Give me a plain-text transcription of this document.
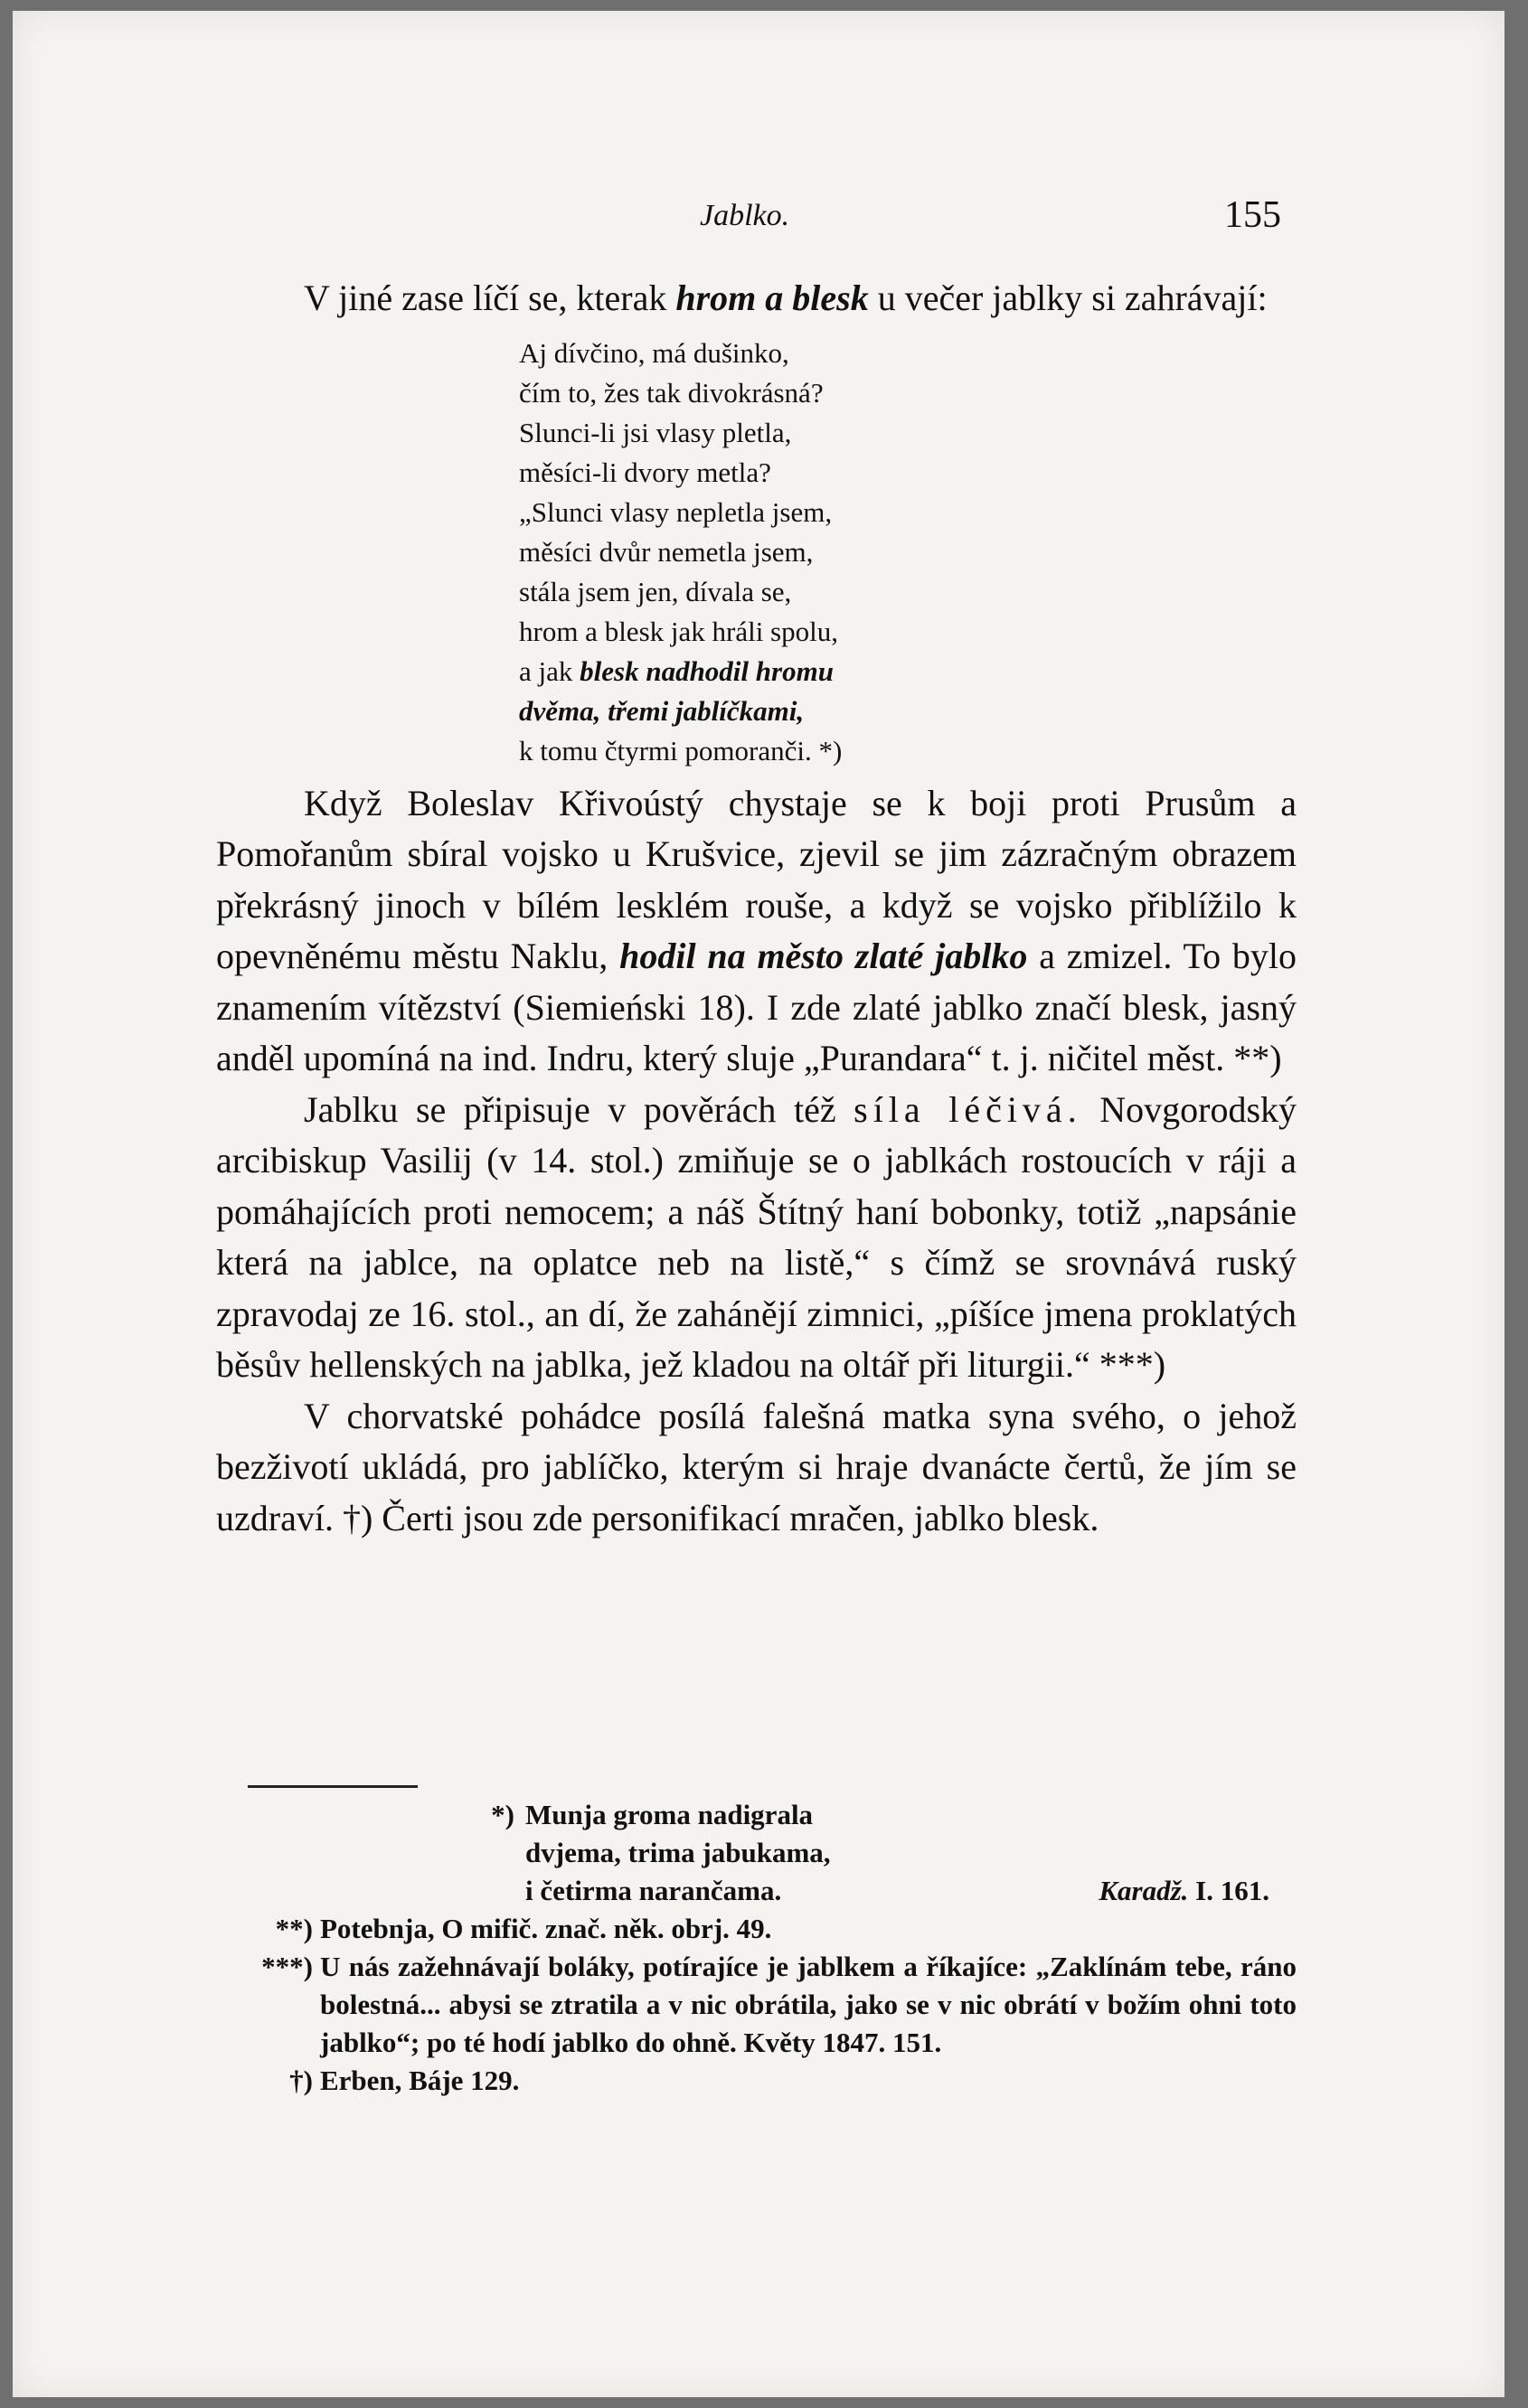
Jablko.	155

V jiné zase líčí se, kterak hrom a blesk u večer jablky si zahrávají:

Aj dívčino, má dušinko,
čím to, žes tak divokrásná?
Slunci-li jsi vlasy pletla,
měsíci-li dvory metla?
„Slunci vlasy nepletla jsem,
měsíci dvůr nemetla jsem,
stála jsem jen, dívala se,
hrom a blesk jak hráli spolu,
a jak blesk nadhodil hromu
dvěma, třemi jablíčkami,
k tomu čtyrmi pomoranči. *)

Když Boleslav Křivoústý chystaje se k boji proti Prusům a Pomořanům sbíral vojsko u Krušvice, zjevil se jim zázračným obrazem překrásný jinoch v bílém lesklém rouše, a když se vojsko přiblížilo k opevněnému městu Naklu, hodil na město zlaté jablko a zmizel. To bylo znamením vítězství (Siemieński 18). I zde zlaté jablko značí blesk, jasný anděl upomíná na ind. Indru, který sluje „Purandara“ t. j. ničitel měst. **)

Jablku se připisuje v pověrách též síla léčivá. Novgorodský arcibiskup Vasilij (v 14. stol.) zmiňuje se o jablkách rostoucích v ráji a pomáhajících proti nemocem; a náš Štítný haní bobonky, totiž „napsánie která na jablce, na oplatce neb na listě,“ s čímž se srovnává ruský zpravodaj ze 16. stol., an dí, že zahánějí zimnici, „píšíce jmena proklatých běsův hellenských na jablka, jež kladou na oltář při liturgii.“ ***)

V chorvatské pohádce posílá falešná matka syna svého, o jehož bezživotí ukládá, pro jablíčko, kterým si hraje dvanácte čertů, že jím se uzdraví. †) Čerti jsou zde personifikací mračen, jablko blesk.

*) Munja groma nadigrala
dvjema, trima jabukama,
i četirma narančama.	Karadž. I. 161.
**) Potebnja, O mifič. znač. něk. obrj. 49.
***) U nás zažehnávají boláky, potírajíce je jablkem a říkajíce: „Zaklínám tebe, ráno bolestná... abysi se ztratila a v nic obrátila, jako se v nic obrátí v božím ohni toto jablko“; po té hodí jablko do ohně. Květy 1847. 151.
†) Erben, Báje 129.
